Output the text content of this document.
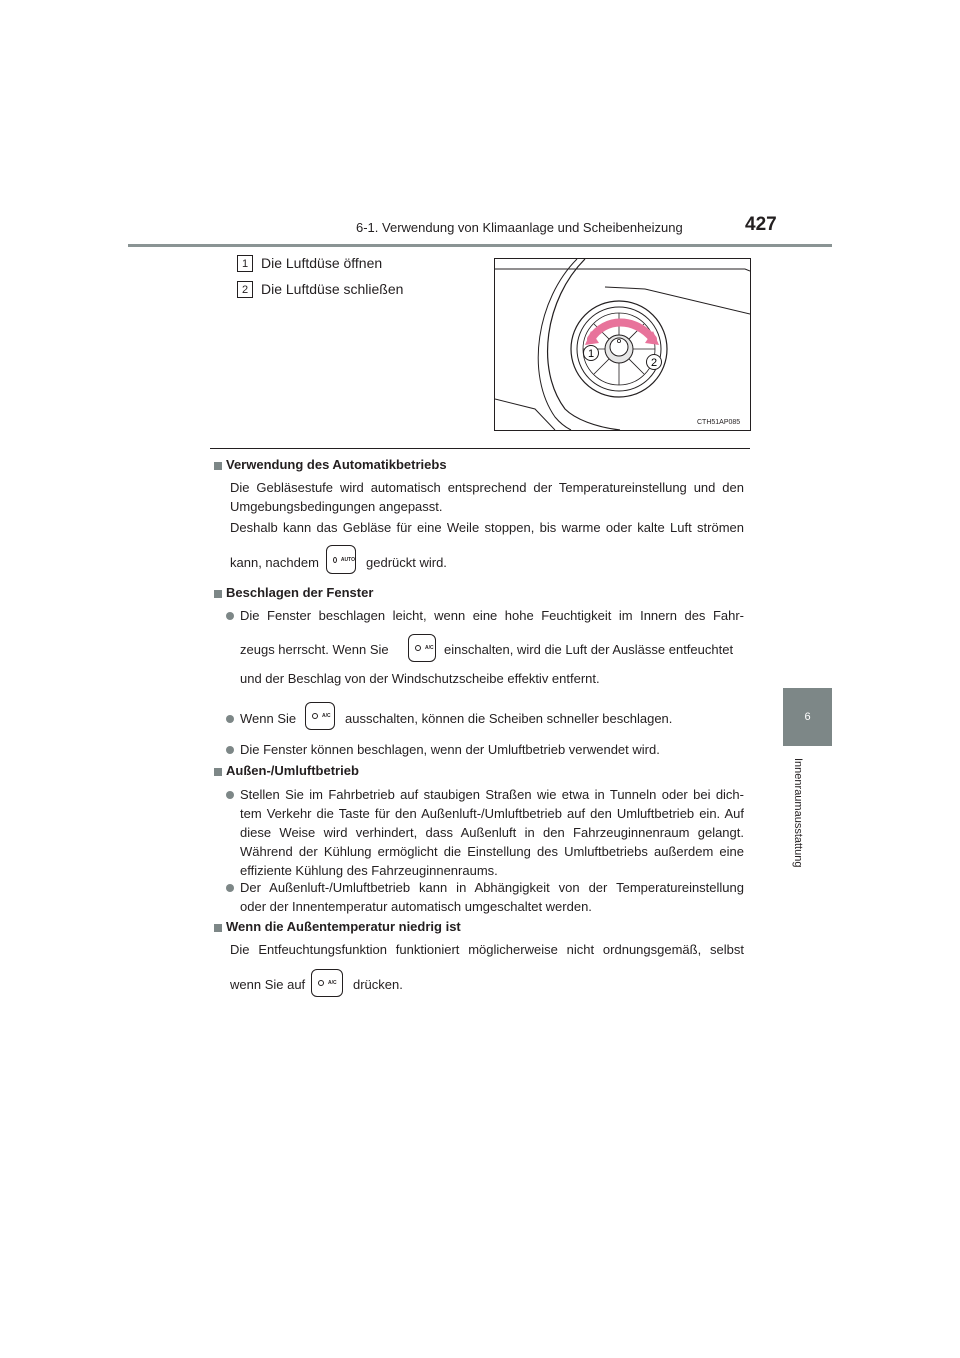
6-1. Verwendung von Klimaanlage und Scheibenheizung	427
6
Innenraumausstattung
1 Die Luftdüse öffnen
2 Die Luftdüse schließen
1
2
CTH51AP085
Verwendung des Automatikbetriebs
Die Gebläsestufe wird automatisch entsprechend der Temperatureinstellung und den
Umgebungsbedingungen angepasst.
Deshalb kann das Gebläse für eine Weile stoppen, bis warme oder kalte Luft strömen
kann, nachdem	AUTO gedrückt wird.
Beschlagen der Fenster
Die Fenster beschlagen leicht, wenn eine hohe Feuchtigkeit im Innern des Fahr-
zeugs herrscht. Wenn Sie	A/C einschalten, wird die Luft der Auslässe entfeuchtet
und der Beschlag von der Windschutzscheibe effektiv entfernt.
Wenn Sie	A/C ausschalten, können die Scheiben schneller beschlagen.
Die Fenster können beschlagen, wenn der Umluftbetrieb verwendet wird.
Außen-/Umluftbetrieb
Stellen Sie im Fahrbetrieb auf staubigen Straßen wie etwa in Tunneln oder bei dich-
tem Verkehr die Taste für den Außenluft-/Umluftbetrieb auf den Umluftbetrieb ein. Auf
diese Weise wird verhindert, dass Außenluft in den Fahrzeuginnenraum gelangt.
Während der Kühlung ermöglicht die Einstellung des Umluftbetriebs außerdem eine
effiziente Kühlung des Fahrzeuginnenraums.
Der Außenluft-/Umluftbetrieb kann in Abhängigkeit von der Temperatureinstellung
oder der Innentemperatur automatisch umgeschaltet werden.
Wenn die Außentemperatur niedrig ist
Die Entfeuchtungsfunktion funktioniert möglicherweise nicht ordnungsgemäß, selbst
wenn Sie auf	A/C drücken.
